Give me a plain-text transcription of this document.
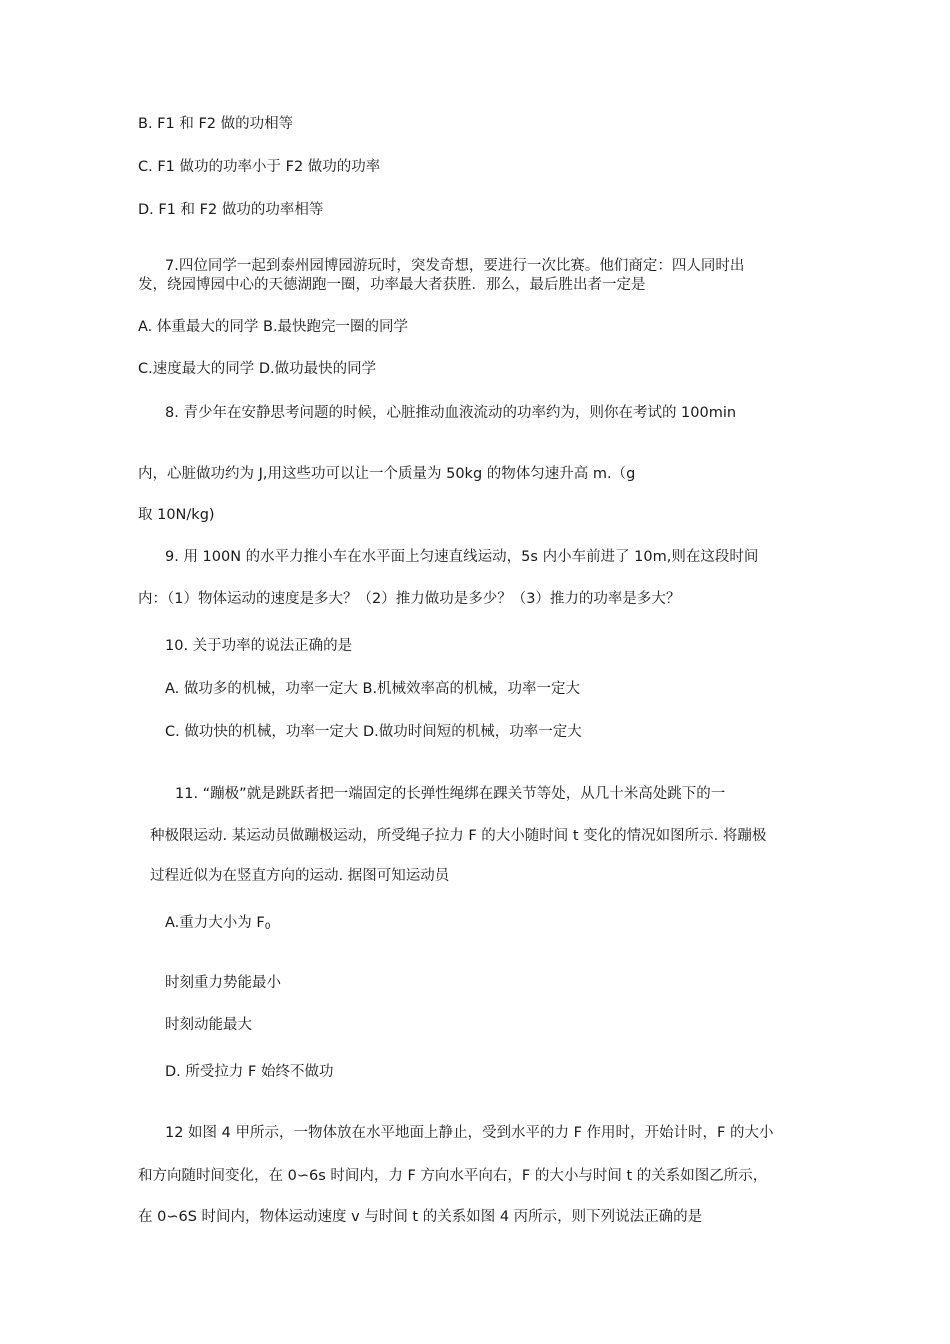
B. F1 和 F2 做的功相等
C. F1 做功的功率小于 F2 做功的功率
D. F1 和 F2 做功的功率相等
7.四位同学一起到泰州园博园游玩时，突发奇想，要进行一次比赛。他们商定：四人同时出
发，绕园博园中心的天德湖跑一圈，功率最大者获胜．那么，最后胜出者一定是
A. 体重最大的同学 B.最快跑完一圈的同学
C.速度最大的同学 D.做功最快的同学
8. 青少年在安静思考问题的时候，心脏推动血液流动的功率约为，则你在考试的 100min
内，心脏做功约为 J,用这些功可以让一个质量为 50kg 的物体匀速升高 m.（g
取 10N/kg)
9. 用 100N 的水平力推小车在水平面上匀速直线运动，5s 内小车前进了 10m,则在这段时间
内：（1）物体运动的速度是多大？（2）推力做功是多少？（3）推力的功率是多大？
10. 关于功率的说法正确的是
A. 做功多的机械，功率一定大 B.机械效率高的机械，功率一定大
C. 做功快的机械，功率一定大 D.做功时间短的机械，功率一定大
11. “蹦极”就是跳跃者把一端固定的长弹性绳绑在踝关节等处，从几十米高处跳下的一
种极限运动. 某运动员做蹦极运动，所受绳子拉力 F 的大小随时间 t 变化的情况如图所示. 将蹦极
过程近似为在竖直方向的运动. 据图可知运动员
A.重力大小为 $F_0$
时刻重力势能最小
时刻动能最大
D. 所受拉力 F 始终不做功
12 如图 4 甲所示，一物体放在水平地面上静止，受到水平的力 F 作用时，开始计时，F 的大小
和方向随时间变化，在 0∽6s 时间内，力 F 方向水平向右，F 的大小与时间 t 的关系如图乙所示，
在 0∽6S 时间内，物体运动速度 v 与时间 t 的关系如图 4 丙所示，则下列说法正确的是
